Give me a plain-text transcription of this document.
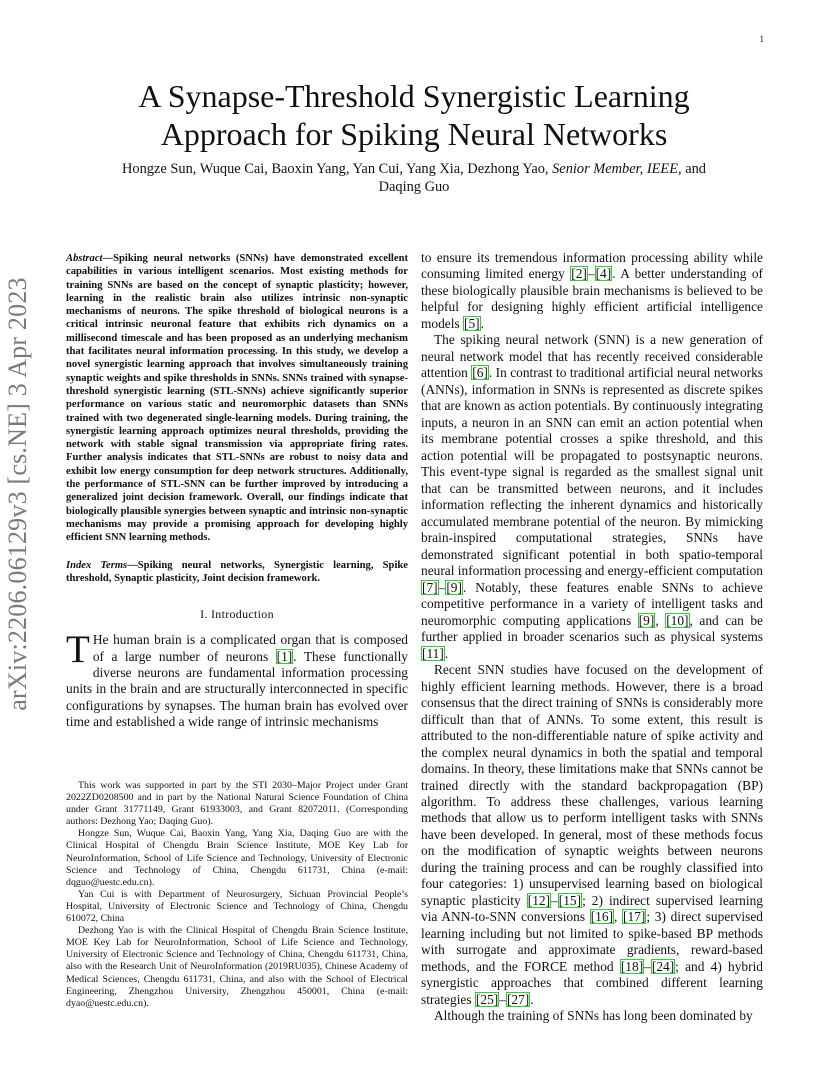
1
arXiv:2206.06129v3 [cs.NE] 3 Apr 2023
A Synapse-Threshold Synergistic Learning Approach for Spiking Neural Networks
Hongze Sun, Wuque Cai, Baoxin Yang, Yan Cui, Yang Xia, Dezhong Yao, Senior Member, IEEE, and Daqing Guo

Abstract—Spiking neural networks (SNNs) have demonstrated excellent capabilities in various intelligent scenarios. Most existing methods for training SNNs are based on the concept of synaptic plasticity; however, learning in the realistic brain also utilizes intrinsic non-synaptic mechanisms of neurons. The spike threshold of biological neurons is a critical intrinsic neuronal feature that exhibits rich dynamics on a millisecond timescale and has been proposed as an underlying mechanism that facilitates neural information processing. In this study, we develop a novel synergistic learning approach that involves simultaneously training synaptic weights and spike thresholds in SNNs. SNNs trained with synapse-threshold synergistic learning (STL-SNNs) achieve significantly superior performance on various static and neuromorphic datasets than SNNs trained with two degenerated single-learning models. During training, the synergistic learning approach optimizes neural thresholds, providing the network with stable signal transmission via appropriate firing rates. Further analysis indicates that STL-SNNs are robust to noisy data and exhibit low energy consumption for deep network structures. Additionally, the performance of STL-SNN can be further improved by introducing a generalized joint decision framework. Overall, our findings indicate that biologically plausible synergies between synaptic and intrinsic non-synaptic mechanisms may provide a promising approach for developing highly efficient SNN learning methods.

Index Terms—Spiking neural networks, Synergistic learning, Spike threshold, Synaptic plasticity, Joint decision framework.

I. Introduction

T He human brain is a complicated organ that is composed of a large number of neurons [1]. These functionally diverse neurons are fundamental information processing units in the brain and are structurally interconnected in specific configurations by synapses. The human brain has evolved over time and established a wide range of intrinsic mechanisms

This work was supported in part by the STI 2030–Major Project under Grant 2022ZD0208500 and in part by the National Natural Science Foundation of China under Grant 31771149, Grant 61933003, and Grant 82072011. (Corresponding authors: Dezhong Yao; Daqing Guo).

Hongze Sun, Wuque Cai, Baoxin Yang, Yang Xia, Daqing Guo are with the Clinical Hospital of Chengdu Brain Science Institute, MOE Key Lab for NeuroInformation, School of Life Science and Technology, University of Electronic Science and Technology of China, Chengdu 611731, China (e-mail: dqguo@uestc.edu.cn).

Yan Cui is with Department of Neurosurgery, Sichuan Provincial People’s Hospital, University of Electronic Science and Technology of China, Chengdu 610072, China

Dezhong Yao is with the Clinical Hospital of Chengdu Brain Science Institute, MOE Key Lab for NeuroInformation, School of Life Science and Technology, University of Electronic Science and Technology of China, Chengdu 611731, China, also with the Research Unit of NeuroInformation (2019RU035), Chinese Academy of Medical Sciences, Chengdu 611731, China, and also with the School of Electrical Engineering, Zhengzhou University, Zhengzhou 450001, China (e-mail: dyao@uestc.edu.cn).

to ensure its tremendous information processing ability while consuming limited energy [2]–[4]. A better understanding of these biologically plausible brain mechanisms is believed to be helpful for designing highly efficient artificial intelligence models [5].

The spiking neural network (SNN) is a new generation of neural network model that has recently received considerable attention [6]. In contrast to traditional artificial neural networks (ANNs), information in SNNs is represented as discrete spikes that are known as action potentials. By continuously integrating inputs, a neuron in an SNN can emit an action potential when its membrane potential crosses a spike threshold, and this action potential will be propagated to postsynaptic neurons. This event-type signal is regarded as the smallest signal unit that can be transmitted between neurons, and it includes information reflecting the inherent dynamics and historically accumulated membrane potential of the neuron. By mimicking brain-inspired computational strategies, SNNs have demonstrated significant potential in both spatio-temporal neural information processing and energy-efficient computation [7]–[9]. Notably, these features enable SNNs to achieve competitive performance in a variety of intelligent tasks and neuromorphic computing applications [9], [10], and can be further applied in broader scenarios such as physical systems [11].

Recent SNN studies have focused on the development of highly efficient learning methods. However, there is a broad consensus that the direct training of SNNs is considerably more difficult than that of ANNs. To some extent, this result is attributed to the non-differentiable nature of spike activity and the complex neural dynamics in both the spatial and temporal domains. In theory, these limitations make that SNNs cannot be trained directly with the standard backpropagation (BP) algorithm. To address these challenges, various learning methods that allow us to perform intelligent tasks with SNNs have been developed. In general, most of these methods focus on the modification of synaptic weights between neurons during the training process and can be roughly classified into four categories: 1) unsupervised learning based on biological synaptic plasticity [12]–[15]; 2) indirect supervised learning via ANN-to-SNN conversions [16], [17]; 3) direct supervised learning including but not limited to spike-based BP methods with surrogate and approximate gradients, reward-based methods, and the FORCE method [18]–[24]; and 4) hybrid synergistic approaches that combined different learning strategies [25]–[27].

Although the training of SNNs has long been dominated by
